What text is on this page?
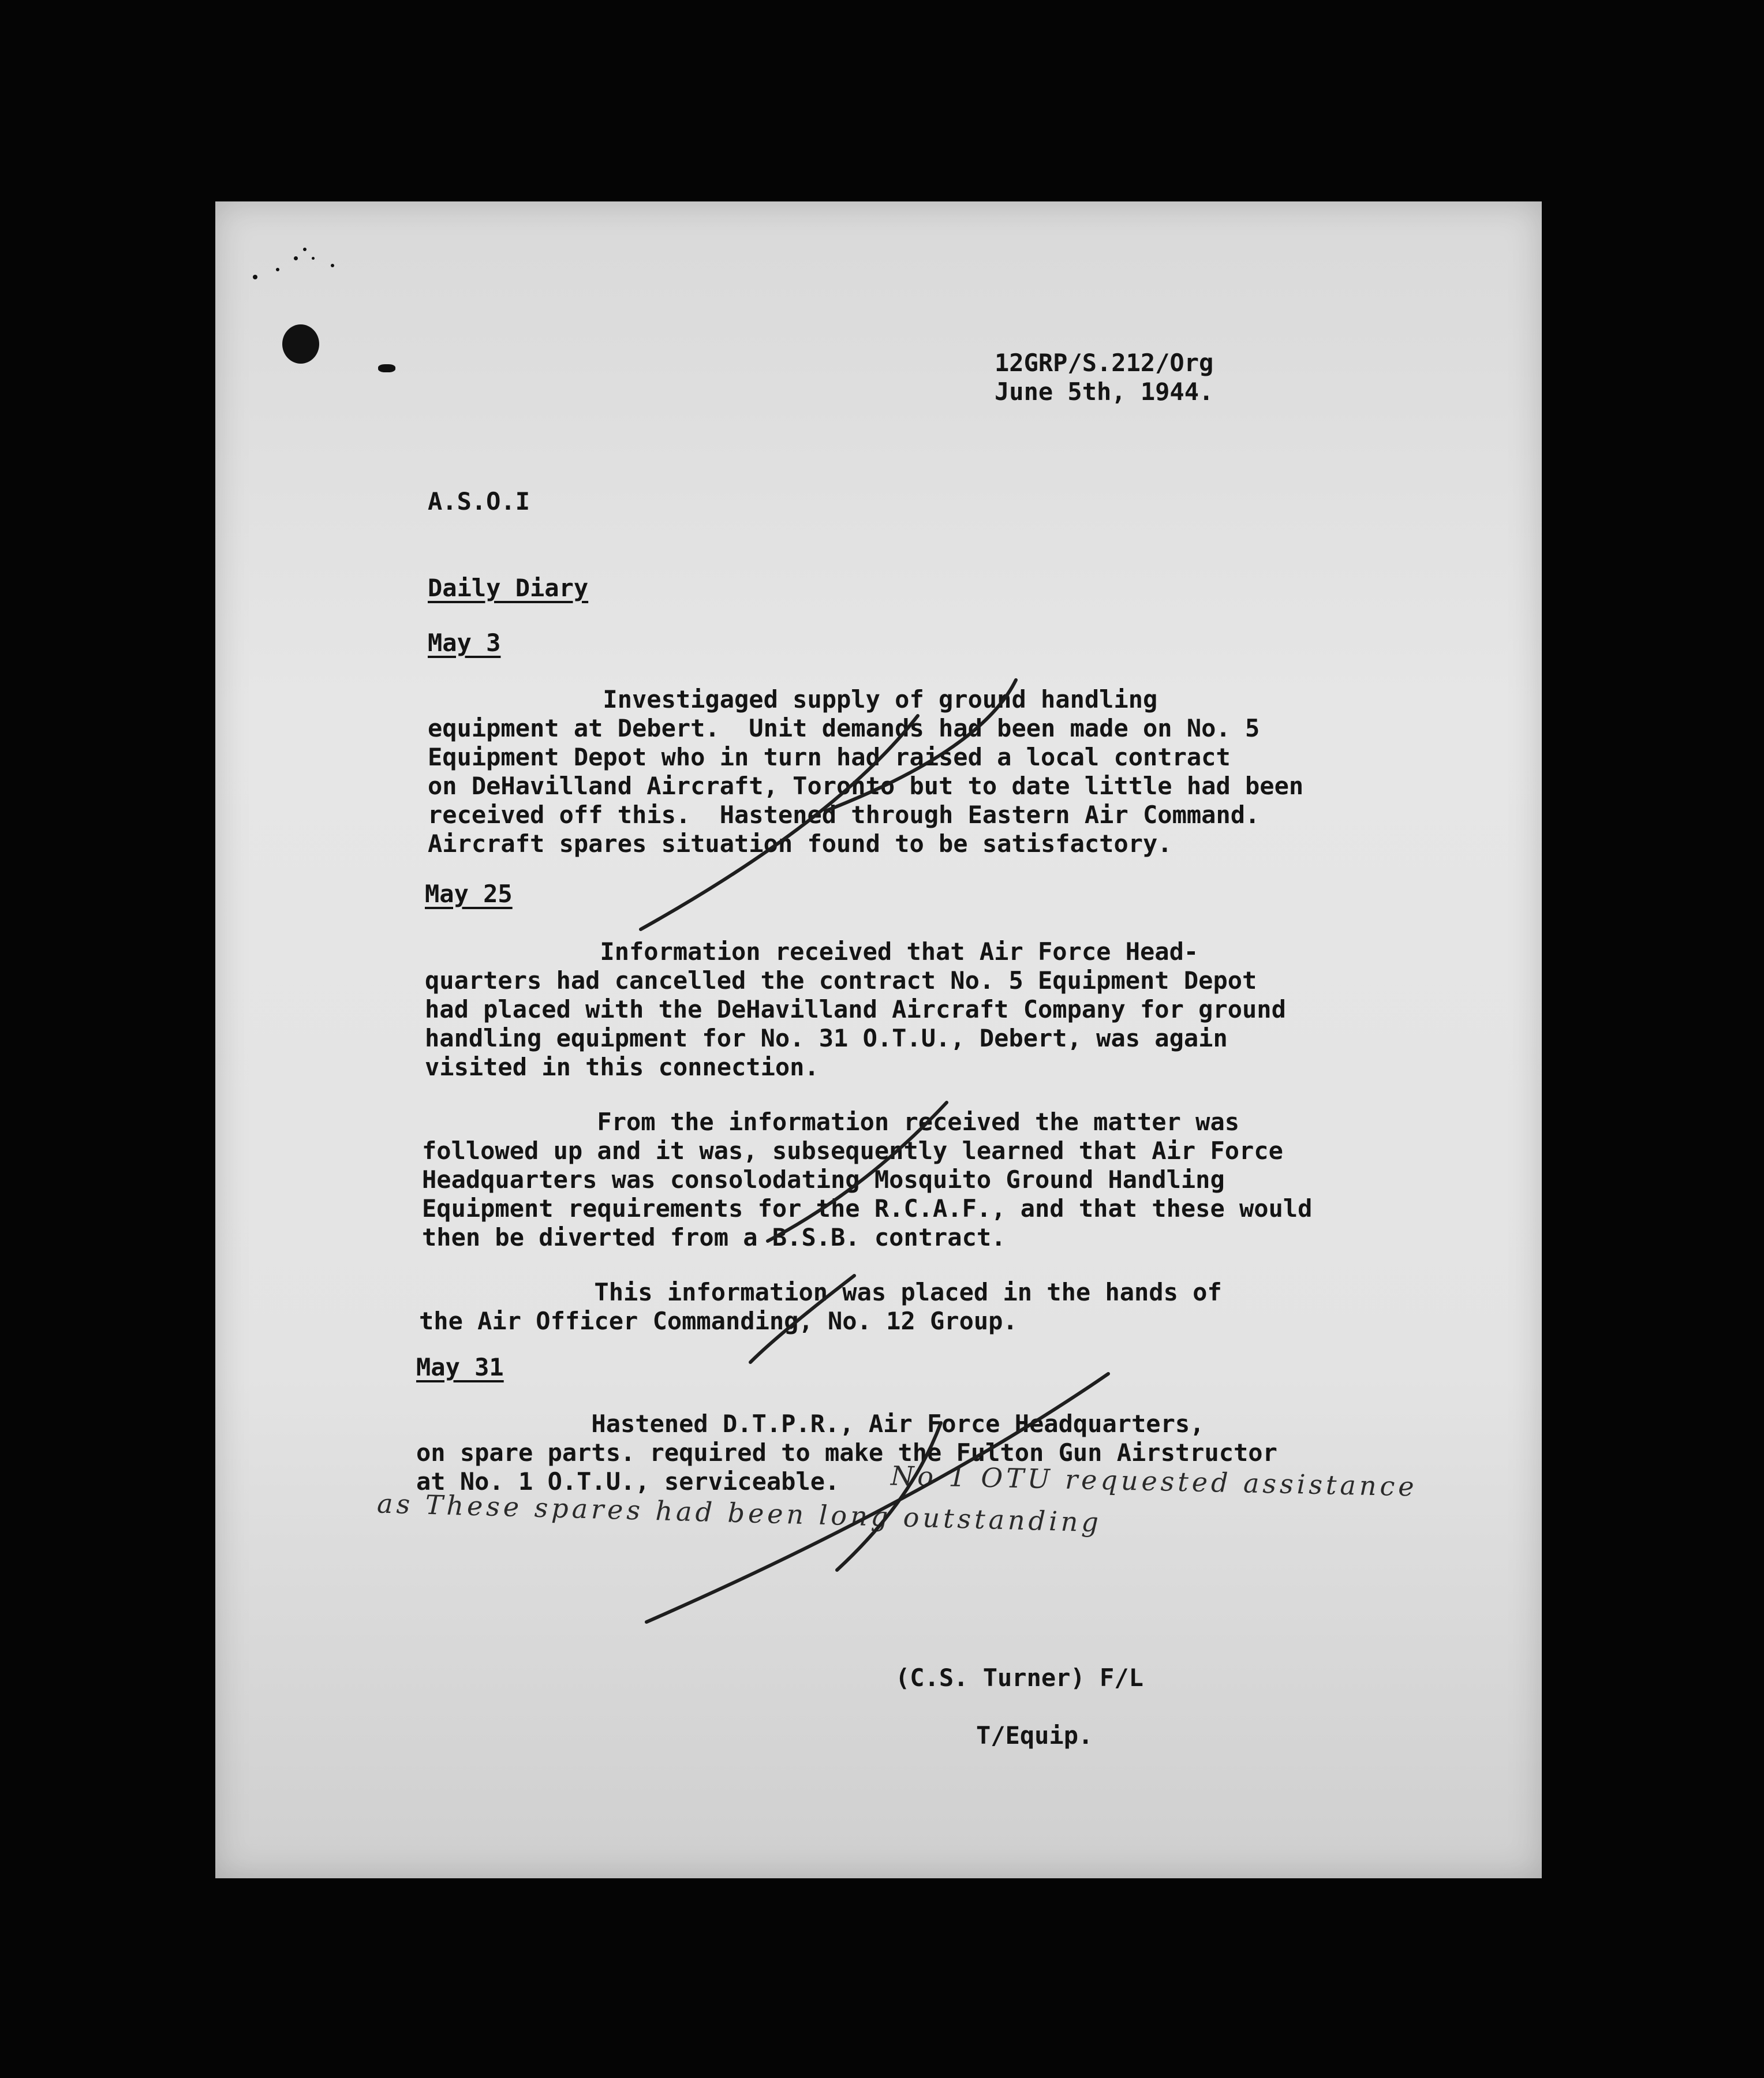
12GRP/S.212/Org

June 5th, 1944.

A.S.O.I

Daily Diary

May 3

Investigaged supply of ground handling

equipment at Debert.  Unit demands had been made on No. 5

Equipment Depot who in turn had raised a local contract

on DeHavilland Aircraft, Toronto but to date little had been

received off this.  Hastened through Eastern Air Command.

Aircraft spares situation found to be satisfactory.

May 25

Information received that Air Force Head-

quarters had cancelled the contract No. 5 Equipment Depot

had placed with the DeHavilland Aircraft Company for ground

handling equipment for No. 31 O.T.U., Debert, was again

visited in this connection.

From the information received the matter was

followed up and it was, subsequently learned that Air Force

Headquarters was consolodating Mosquito Ground Handling

Equipment requirements for the R.C.A.F., and that these would

then be diverted from a B.S.B. contract.

This information was placed in the hands of

the Air Officer Commanding, No. 12 Group.

May 31

Hastened D.T.P.R., Air Force Headquarters,

on spare parts. required to make the Fulton Gun Airstructor

at No. 1 O.T.U., serviceable. No 1 OTU requested assistance
as These spares had been long outstanding

(C.S. Turner) F/L

T/Equip.
